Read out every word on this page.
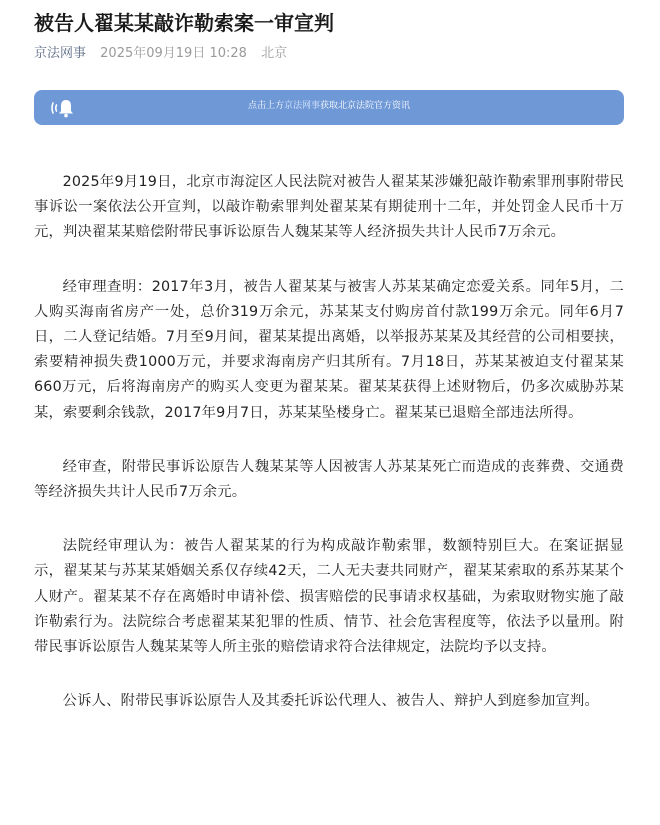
被告人翟某某敲诈勒索案一审宣判
京法网事 2025年09月19日 10:28 北京
点击上方京法网事获取北京法院官方资讯

2025年9月19日，北京市海淀区人民法院对被告人翟某某涉嫌犯敲诈勒索罪刑事附带民事诉讼一案依法公开宣判，以敲诈勒索罪判处翟某某有期徒刑十二年，并处罚金人民币十万元，判决翟某某赔偿附带民事诉讼原告人魏某某等人经济损失共计人民币7万余元。

经审理查明：2017年3月，被告人翟某某与被害人苏某某确定恋爱关系。同年5月，二人购买海南省房产一处，总价319万余元，苏某某支付购房首付款199万余元。同年6月7日，二人登记结婚。7月至9月间，翟某某提出离婚，以举报苏某某及其经营的公司相要挟，索要精神损失费1000万元，并要求海南房产归其所有。7月18日，苏某某被迫支付翟某某660万元，后将海南房产的购买人变更为翟某某。翟某某获得上述财物后，仍多次威胁苏某某，索要剩余钱款，2017年9月7日，苏某某坠楼身亡。翟某某已退赔全部违法所得。

经审查，附带民事诉讼原告人魏某某等人因被害人苏某某死亡而造成的丧葬费、交通费等经济损失共计人民币7万余元。

法院经审理认为：被告人翟某某的行为构成敲诈勒索罪，数额特别巨大。在案证据显示，翟某某与苏某某婚姻关系仅存续42天，二人无夫妻共同财产，翟某某索取的系苏某某个人财产。翟某某不存在离婚时申请补偿、损害赔偿的民事请求权基础，为索取财物实施了敲诈勒索行为。法院综合考虑翟某某犯罪的性质、情节、社会危害程度等，依法予以量刑。附带民事诉讼原告人魏某某等人所主张的赔偿请求符合法律规定，法院均予以支持。

公诉人、附带民事诉讼原告人及其委托诉讼代理人、被告人、辩护人到庭参加宣判。
